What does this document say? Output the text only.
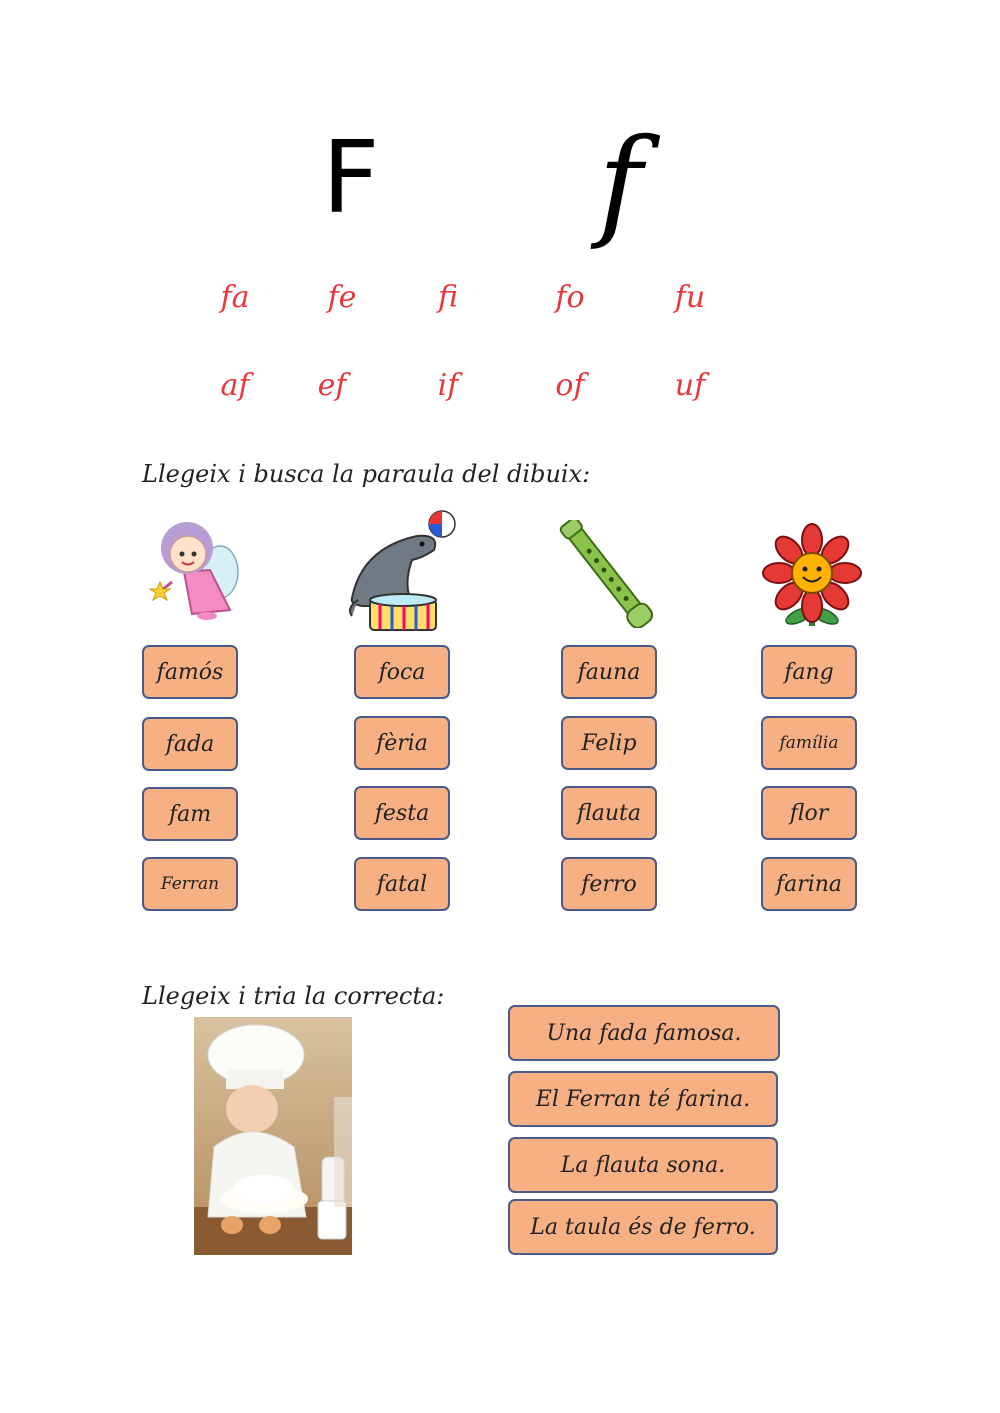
F f
fa	fe	fi	fo	fu
af	ef	if	of	uf
Llegeix i busca la paraula del dibuix:
famós
fada
fam
Ferran
foca
fèria
festa
fatal
fauna
Felip
flauta
ferro
fang
família
flor
farina
Llegeix i tria la correcta:
Una fada famosa.
El Ferran té farina.
La flauta sona.
La taula és de ferro.
